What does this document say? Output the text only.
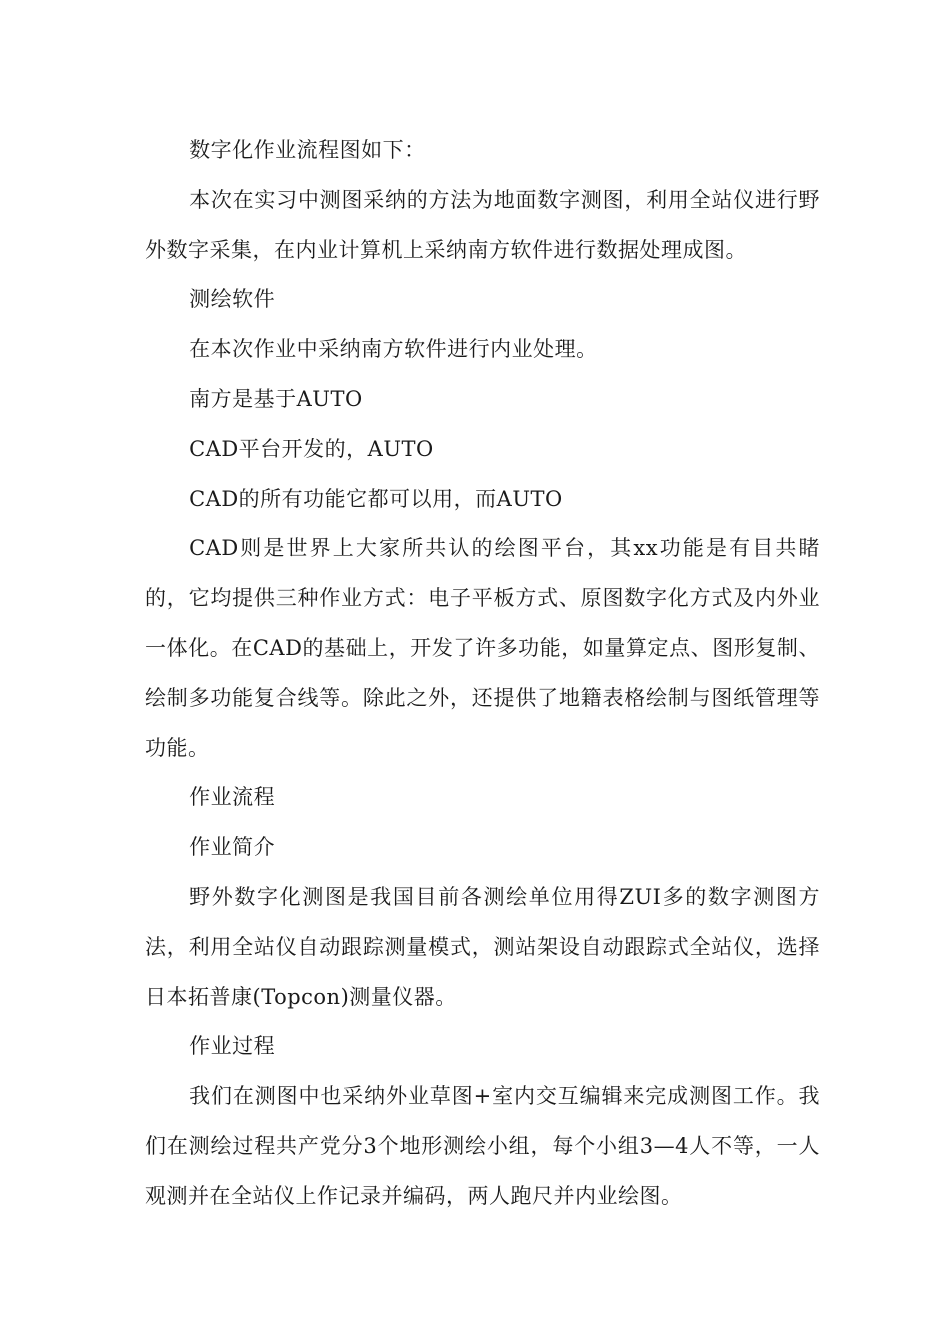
数字化作业流程图如下：

本次在实习中测图采纳的方法为地面数字测图，利用全站仪进行野外数字采集，在内业计算机上采纳南方软件进行数据处理成图。

测绘软件

在本次作业中采纳南方软件进行内业处理。

南方是基于AUTO

CAD平台开发的，AUTO

CAD的所有功能它都可以用，而AUTO

CAD则是世界上大家所共认的绘图平台，其xx功能是有目共睹的，它均提供三种作业方式：电子平板方式、原图数字化方式及内外业一体化。在CAD的基础上，开发了许多功能，如量算定点、图形复制、绘制多功能复合线等。除此之外，还提供了地籍表格绘制与图纸管理等功能。

作业流程

作业简介

野外数字化测图是我国目前各测绘单位用得ZUI多的数字测图方法，利用全站仪自动跟踪测量模式，测站架设自动跟踪式全站仪，选择日本拓普康(Topcon)测量仪器。

作业过程

我们在测图中也采纳外业草图+室内交互编辑来完成测图工作。我们在测绘过程共产党分3个地形测绘小组，每个小组3—4人不等，一人观测并在全站仪上作记录并编码，两人跑尺并内业绘图。
